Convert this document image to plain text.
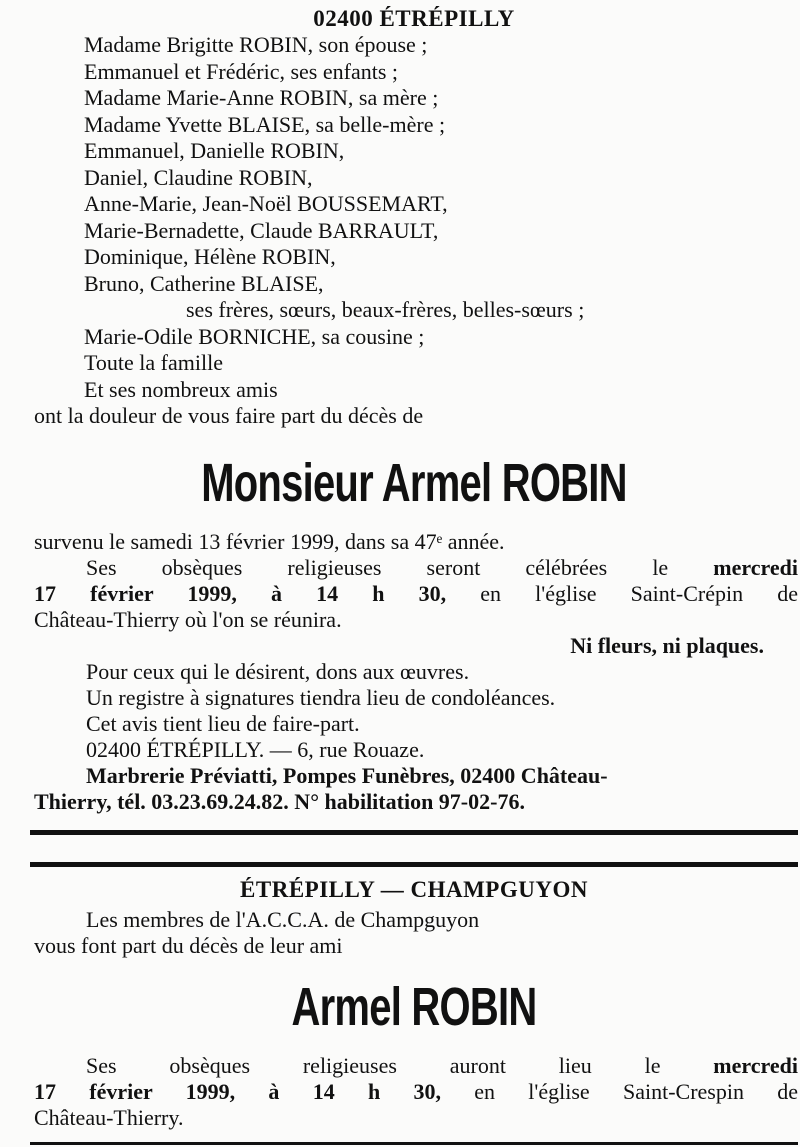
02400 ÉTRÉPILLY

Madame Brigitte ROBIN, son épouse ;

Emmanuel et Frédéric, ses enfants ;

Madame Marie-Anne ROBIN, sa mère ;

Madame Yvette BLAISE, sa belle-mère ;

Emmanuel, Danielle ROBIN,

Daniel, Claudine ROBIN,

Anne-Marie, Jean-Noël BOUSSEMART,

Marie-Bernadette, Claude BARRAULT,

Dominique, Hélène ROBIN,

Bruno, Catherine BLAISE,

ses frères, sœurs, beaux-frères, belles-sœurs ;

Marie-Odile BORNICHE, sa cousine ;

Toute la famille

Et ses nombreux amis

ont la douleur de vous faire part du décès de

Monsieur Armel ROBIN

survenu le samedi 13 février 1999, dans sa 47ᵉ année.

Ses obsèques religieuses seront célébrées le mercredi

17 février 1999, à 14 h 30, en l'église Saint-Crépin de

Château-Thierry où l'on se réunira.

Ni fleurs, ni plaques.

Pour ceux qui le désirent, dons aux œuvres.

Un registre à signatures tiendra lieu de condoléances.

Cet avis tient lieu de faire-part.

02400 ÉTRÉPILLY. — 6, rue Rouaze.

Marbrerie Préviatti, Pompes Funèbres, 02400 Château-

Thierry, tél. 03.23.69.24.82. N° habilitation 97-02-76.

ÉTRÉPILLY — CHAMPGUYON

Les membres de l'A.C.C.A. de Champguyon

vous font part du décès de leur ami

Armel ROBIN

Ses obsèques religieuses auront lieu le mercredi

17 février 1999, à 14 h 30, en l'église Saint-Crespin de

Château-Thierry.
